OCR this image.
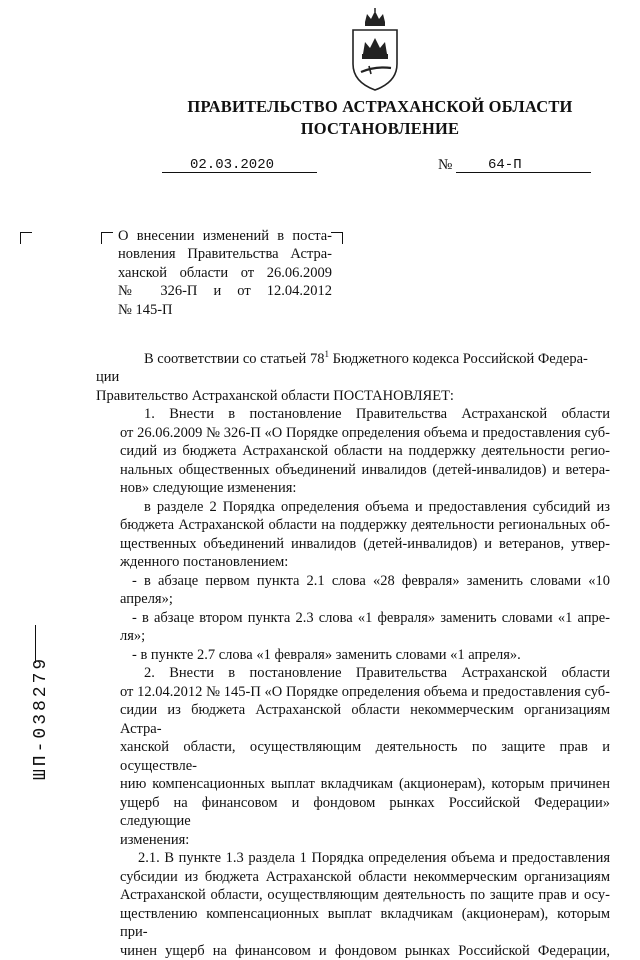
ПРАВИТЕЛЬСТВО АСТРАХАНСКОЙ ОБЛАСТИ
ПОСТАНОВЛЕНИЕ
02.03.2020	№	64-П
О внесении изменений в поста-
новления Правительства Астра-
ханской области от 26.06.2009
№ 326-П и от 12.04.2012
№ 145-П
В соответствии со статьей $78^1$ Бюджетного кодекса Российской Федера-
ции
Правительство Астраханской области ПОСТАНОВЛЯЕТ:
1. Внести в постановление Правительства Астраханской области
от 26.06.2009 № 326-П «О Порядке определения объема и предоставления суб-
сидий из бюджета Астраханской области на поддержку деятельности регио-
нальных общественных объединений инвалидов (детей-инвалидов) и ветера-
нов» следующие изменения:
в разделе 2 Порядка определения объема и предоставления субсидий из
бюджета Астраханской области на поддержку деятельности региональных об-
щественных объединений инвалидов (детей-инвалидов) и ветеранов, утвер-
жденного постановлением:
- в абзаце первом пункта 2.1 слова «28 февраля» заменить словами «10
апреля»;
- в абзаце втором пункта 2.3 слова «1 февраля» заменить словами «1 апре-
ля»;
- в пункте 2.7 слова «1 февраля» заменить словами «1 апреля».
2. Внести в постановление Правительства Астраханской области
от 12.04.2012 № 145-П «О Порядке определения объема и предоставления суб-
сидии из бюджета Астраханской области некоммерческим организациям Астра-
ханской области, осуществляющим деятельность по защите прав и осуществле-
нию компенсационных выплат вкладчикам (акционерам), которым причинен
ущерб на финансовом и фондовом рынках Российской Федерации» следующие
изменения:
2.1. В пункте 1.3 раздела 1 Порядка определения объема и предоставления
субсидии из бюджета Астраханской области некоммерческим организациям
Астраханской области, осуществляющим деятельность по защите прав и осу-
ществлению компенсационных выплат вкладчикам (акционерам), которым при-
чинен ущерб на финансовом и фондовом рынках Российской Федерации,
ШП-038279
